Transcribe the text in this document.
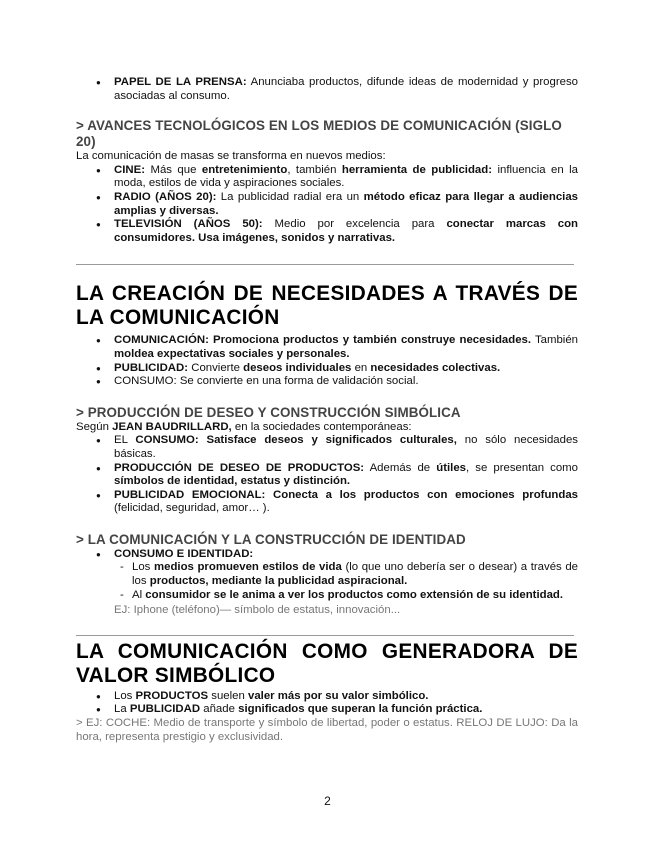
● PAPEL DE LA PRENSA: Anunciaba productos, difunde ideas de modernidad y progreso asociadas al consumo.
> AVANCES TECNOLÓGICOS EN LOS MEDIOS DE COMUNICACIÓN (SIGLO 20)
La comunicación de masas se transforma en nuevos medios:
● CINE: Más que entretenimiento, también herramienta de publicidad: influencia en la moda, estilos de vida y aspiraciones sociales.
● RADIO (AÑOS 20): La publicidad radial era un método eficaz para llegar a audiencias amplias y diversas.
● TELEVISIÓN (AÑOS 50): Medio por excelencia para conectar marcas con consumidores. Usa imágenes, sonidos y narrativas.
LA CREACIÓN DE NECESIDADES A TRAVÉS DE LA COMUNICACIÓN
● COMUNICACIÓN: Promociona productos y también construye necesidades. También moldea expectativas sociales y personales.
● PUBLICIDAD: Convierte deseos individuales en necesidades colectivas.
● CONSUMO: Se convierte en una forma de validación social.
> PRODUCCIÓN DE DESEO Y CONSTRUCCIÓN SIMBÓLICA
Según JEAN BAUDRILLARD, en la sociedades contemporáneas:
● EL CONSUMO: Satisface deseos y significados culturales, no sólo necesidades básicas.
● PRODUCCIÓN DE DESEO DE PRODUCTOS: Además de útiles, se presentan como símbolos de identidad, estatus y distinción.
● PUBLICIDAD EMOCIONAL: Conecta a los productos con emociones profundas (felicidad, seguridad, amor… ).
> LA COMUNICACIÓN Y LA CONSTRUCCIÓN DE IDENTIDAD
● CONSUMO E IDENTIDAD:
- Los medios promueven estilos de vida (lo que uno debería ser o desear) a través de los productos, mediante la publicidad aspiracional.
- Al consumidor se le anima a ver los productos como extensión de su identidad.
EJ: Iphone (teléfono)— símbolo de estatus, innovación...
LA COMUNICACIÓN COMO GENERADORA DE VALOR SIMBÓLICO
● Los PRODUCTOS suelen valer más por su valor simbólico.
● La PUBLICIDAD añade significados que superan la función práctica.
> EJ: COCHE: Medio de transporte y símbolo de libertad, poder o estatus. RELOJ DE LUJO: Da la hora, representa prestigio y exclusividad.
2
